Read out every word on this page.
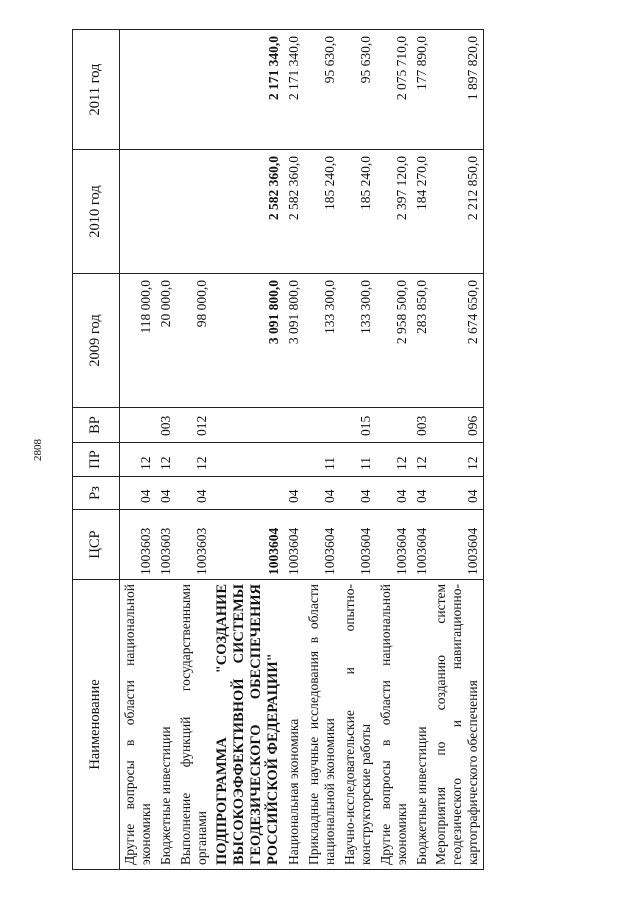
2808
Наименование	ЦСР	Рз	ПР	ВР	2009 год	2010 год	2011 год
Другие вопросы в области национальной экономики	1003603	04	12		118 000,0		
Бюджетные инвестиции	1003603	04	12	003	20 000,0		
Выполнение функций государственными органами	1003603	04	12	012	98 000,0		
ПОДПРОГРАММА "СОЗДАНИЕ ВЫСОКОЭФФЕКТИВНОЙ СИСТЕМЫ ГЕОДЕЗИЧЕСКОГО ОБЕСПЕЧЕНИЯ РОССИЙСКОЙ ФЕДЕРАЦИИ"	1003604				3 091 800,0	2 582 360,0	2 171 340,0
Национальная экономика	1003604	04			3 091 800,0	2 582 360,0	2 171 340,0
Прикладные научные исследования в области национальной экономики	1003604	04	11		133 300,0	185 240,0	95 630,0
Научно-исследовательские и опытно-конструкторские работы	1003604	04	11	015	133 300,0	185 240,0	95 630,0
Другие вопросы в области национальной экономики	1003604	04	12		2 958 500,0	2 397 120,0	2 075 710,0
Бюджетные инвестиции	1003604	04	12	003	283 850,0	184 270,0	177 890,0
Мероприятия по созданию систем геодезического и навигационно-картографического обеспечения	1003604	04	12	096	2 674 650,0	2 212 850,0	1 897 820,0
